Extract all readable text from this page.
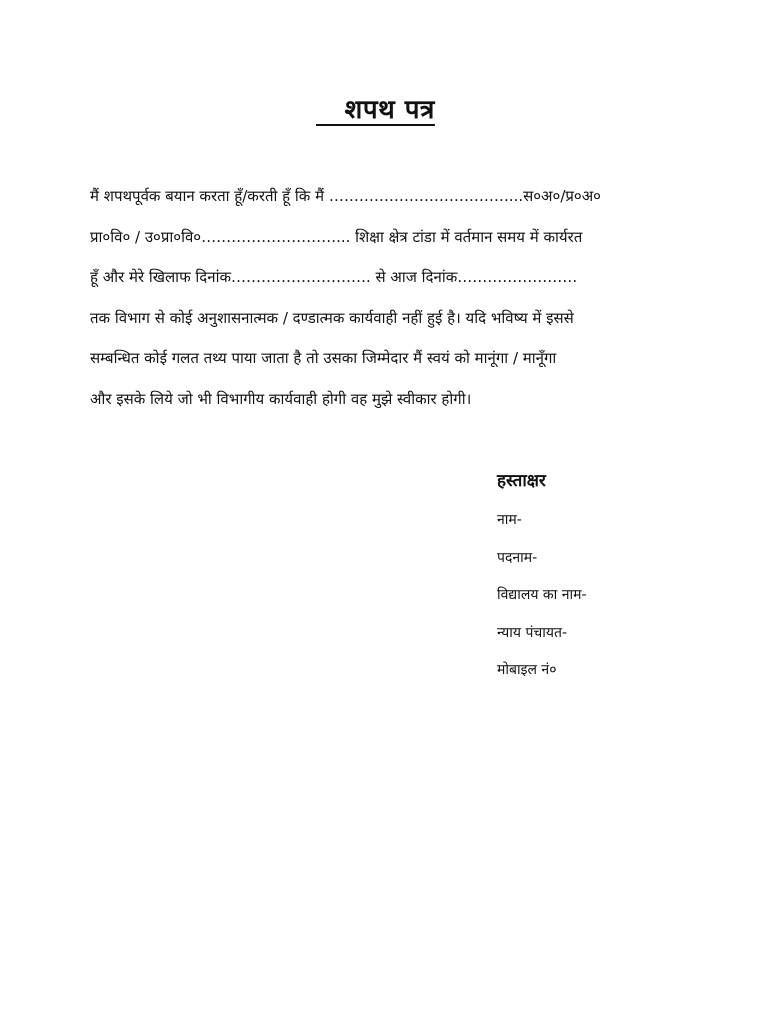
शपथ पत्र
मैं शपथपूर्वक बयान करता हूँ/करती हूँ कि मैं ………………………………...स०अ०/प्र०अ०
प्रा०वि० / उ०प्रा०वि०………………………... शिक्षा क्षेत्र टांडा में वर्तमान समय में कार्यरत
हूँ और मेरे खिलाफ दिनांक………………………. से आज दिनांक……………………
तक विभाग से कोई अनुशासनात्मक / दण्डात्मक कार्यवाही नहीं हुई है। यदि भविष्य में इससे
सम्बन्धित कोई गलत तथ्य पाया जाता है तो उसका जिम्मेदार मैं स्वयं को मानूंगा / मानूँगा
और इसके लिये जो भी विभागीय कार्यवाही होगी वह मुझे स्वीकार होगी।
हस्ताक्षर
नाम-
पदनाम-
विद्यालय का नाम-
न्याय पंचायत-
मोबाइल नं०
